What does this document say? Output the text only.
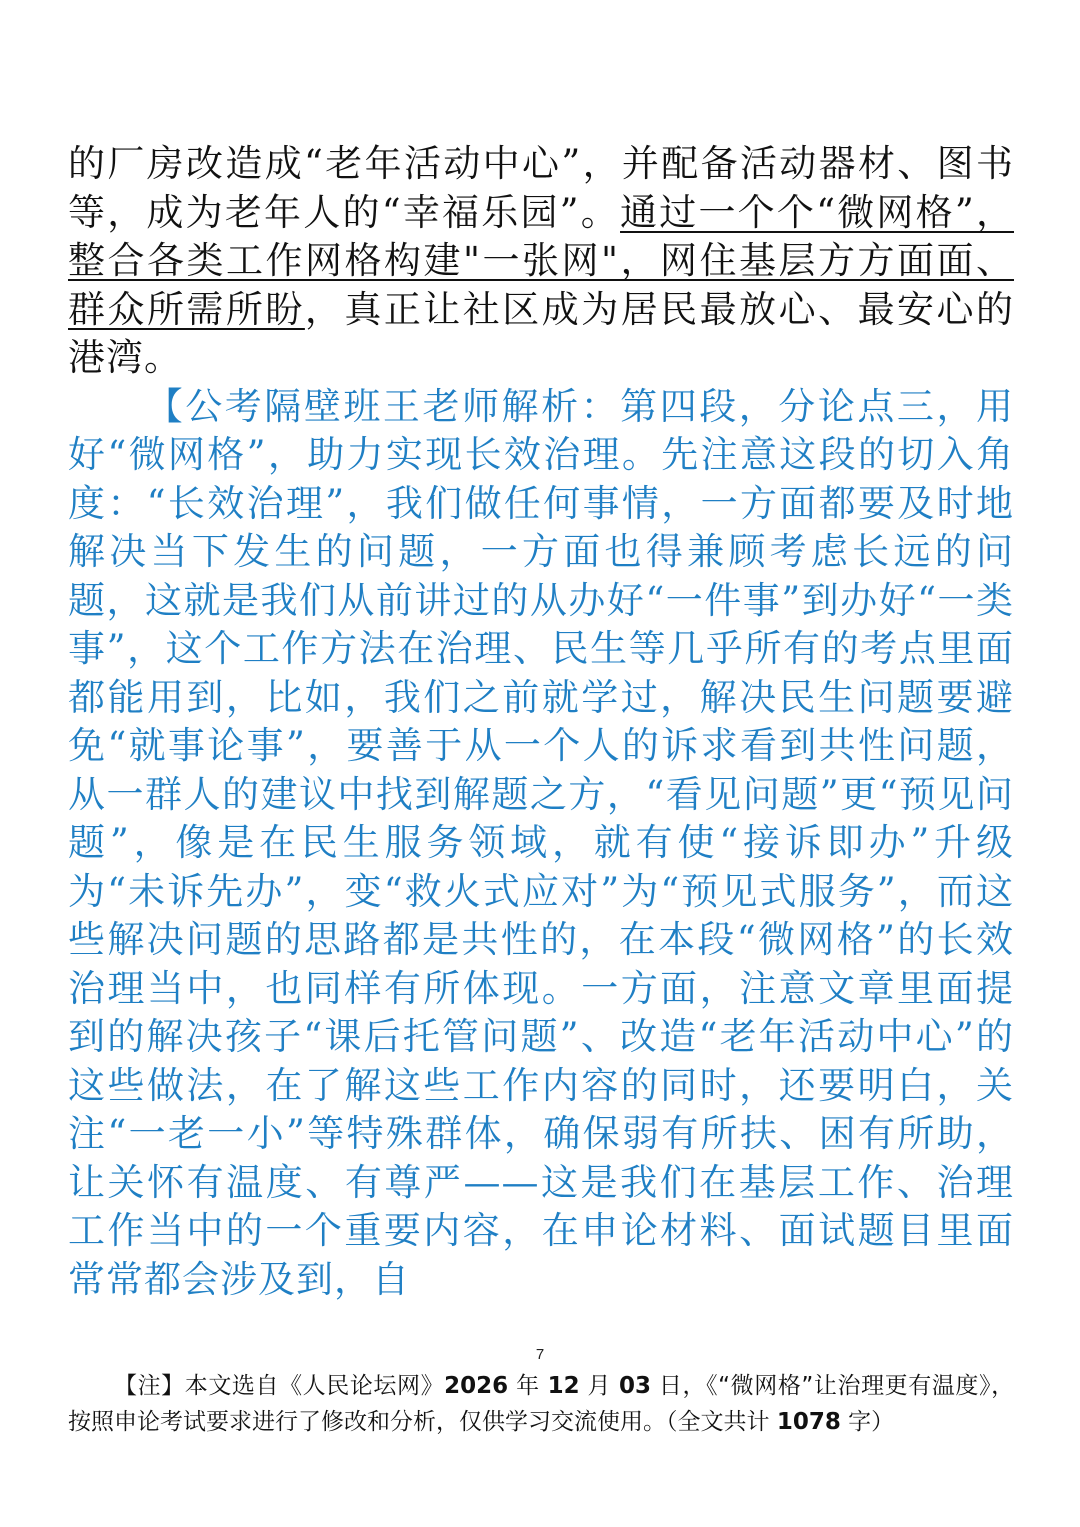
的厂房改造成“老年活动中心”，并配备活动器材、图书等，成为老年人的“幸福乐园”。通过一个个“微网格”，整合各类工作网格构建"一张网"，网住基层方方面面、群众所需所盼，真正让社区成为居民最放心、最安心的港湾。

【公考隔壁班王老师解析：第四段，分论点三，用好“微网格”，助力实现长效治理。先注意这段的切入角度：“长效治理”，我们做任何事情，一方面都要及时地解决当下发生的问题，一方面也得兼顾考虑长远的问题，这就是我们从前讲过的从办好“一件事”到办好“一类事”，这个工作方法在治理、民生等几乎所有的考点里面都能用到，比如，我们之前就学过，解决民生问题要避免“就事论事”，要善于从一个人的诉求看到共性问题，从一群人的建议中找到解题之方，“看见问题”更“预见问题”，像是在民生服务领域，就有使“接诉即办”升级为“未诉先办”，变“救火式应对”为“预见式服务”，而这些解决问题的思路都是共性的，在本段“微网格”的长效治理当中，也同样有所体现。一方面，注意文章里面提到的解决孩子“课后托管问题”、改造“老年活动中心”的这些做法，在了解这些工作内容的同时，还要明白，关注“一老一小”等特殊群体，确保弱有所扶、困有所助，让关怀有温度、有尊严——这是我们在基层工作、治理工作当中的一个重要内容，在申论材料、面试题目里面常常都会涉及到，自

7
【注】本文选自《人民论坛网》2026 年 12 月 03 日，《“微网格”让治理更有温度》，按照申论考试要求进行了修改和分析，仅供学习交流使用。（全文共计 1078 字）
